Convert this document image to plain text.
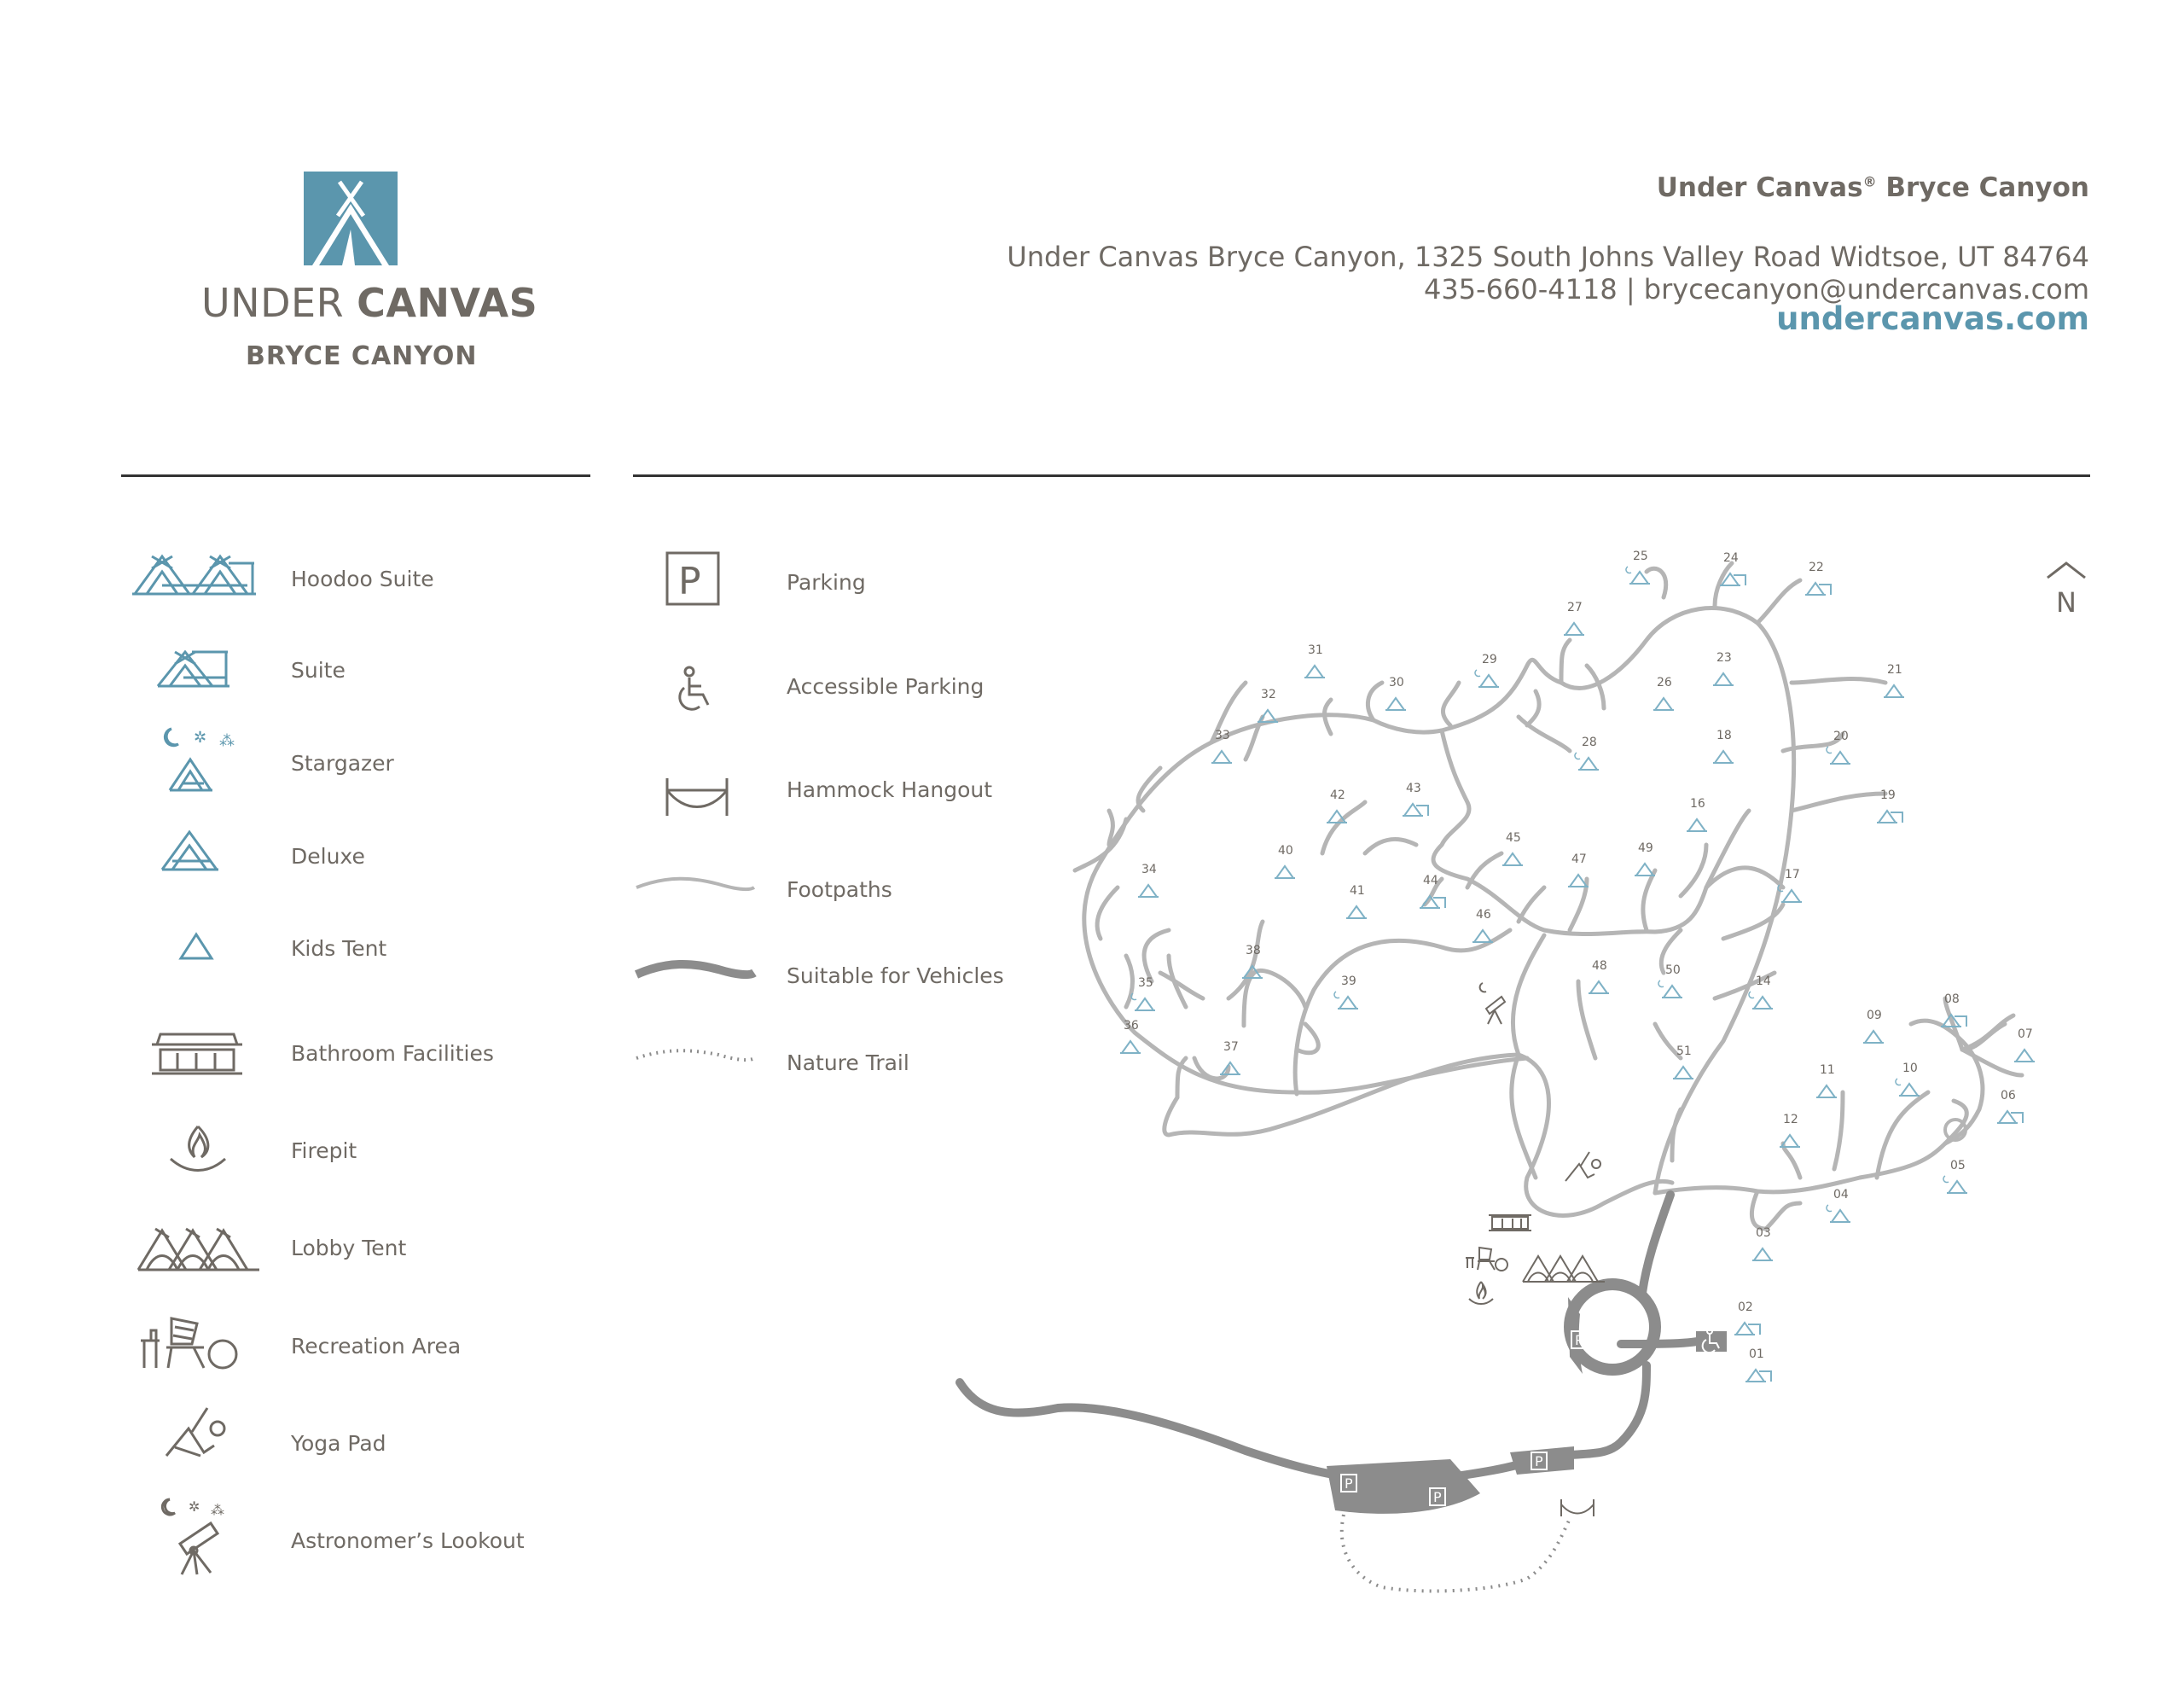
UNDER CANVAS
BRYCE CANYON
Under Canvas® Bryce Canyon
Under Canvas Bryce Canyon, 1325 South Johns Valley Road Widtsoe, UT 84764
435-660-4118 | brycecanyon@undercanvas.com
undercanvas.com
✲ ⁂
✲ ⁂
Hoodoo Suite
Suite
Stargazer
Deluxe
Kids Tent
Bathroom Facilities
Firepit
Lobby Tent
Recreation Area
Yoga Pad
Astronomer’s Lookout
P	Parking
Accessible Parking
Hammock Hangout
Footpaths
Suitable for Vehicles
Nature Trail
N
P
P
P
P
01
02
03
04
05
06
07
08
09
10
11
12
14
16
17
18
19
20
21
22
23
24
25
26
27
28
29
30
31
32
33
34
35
36
37
38
39
40
41
42	43
44
45
46
47
48
49
50
51
